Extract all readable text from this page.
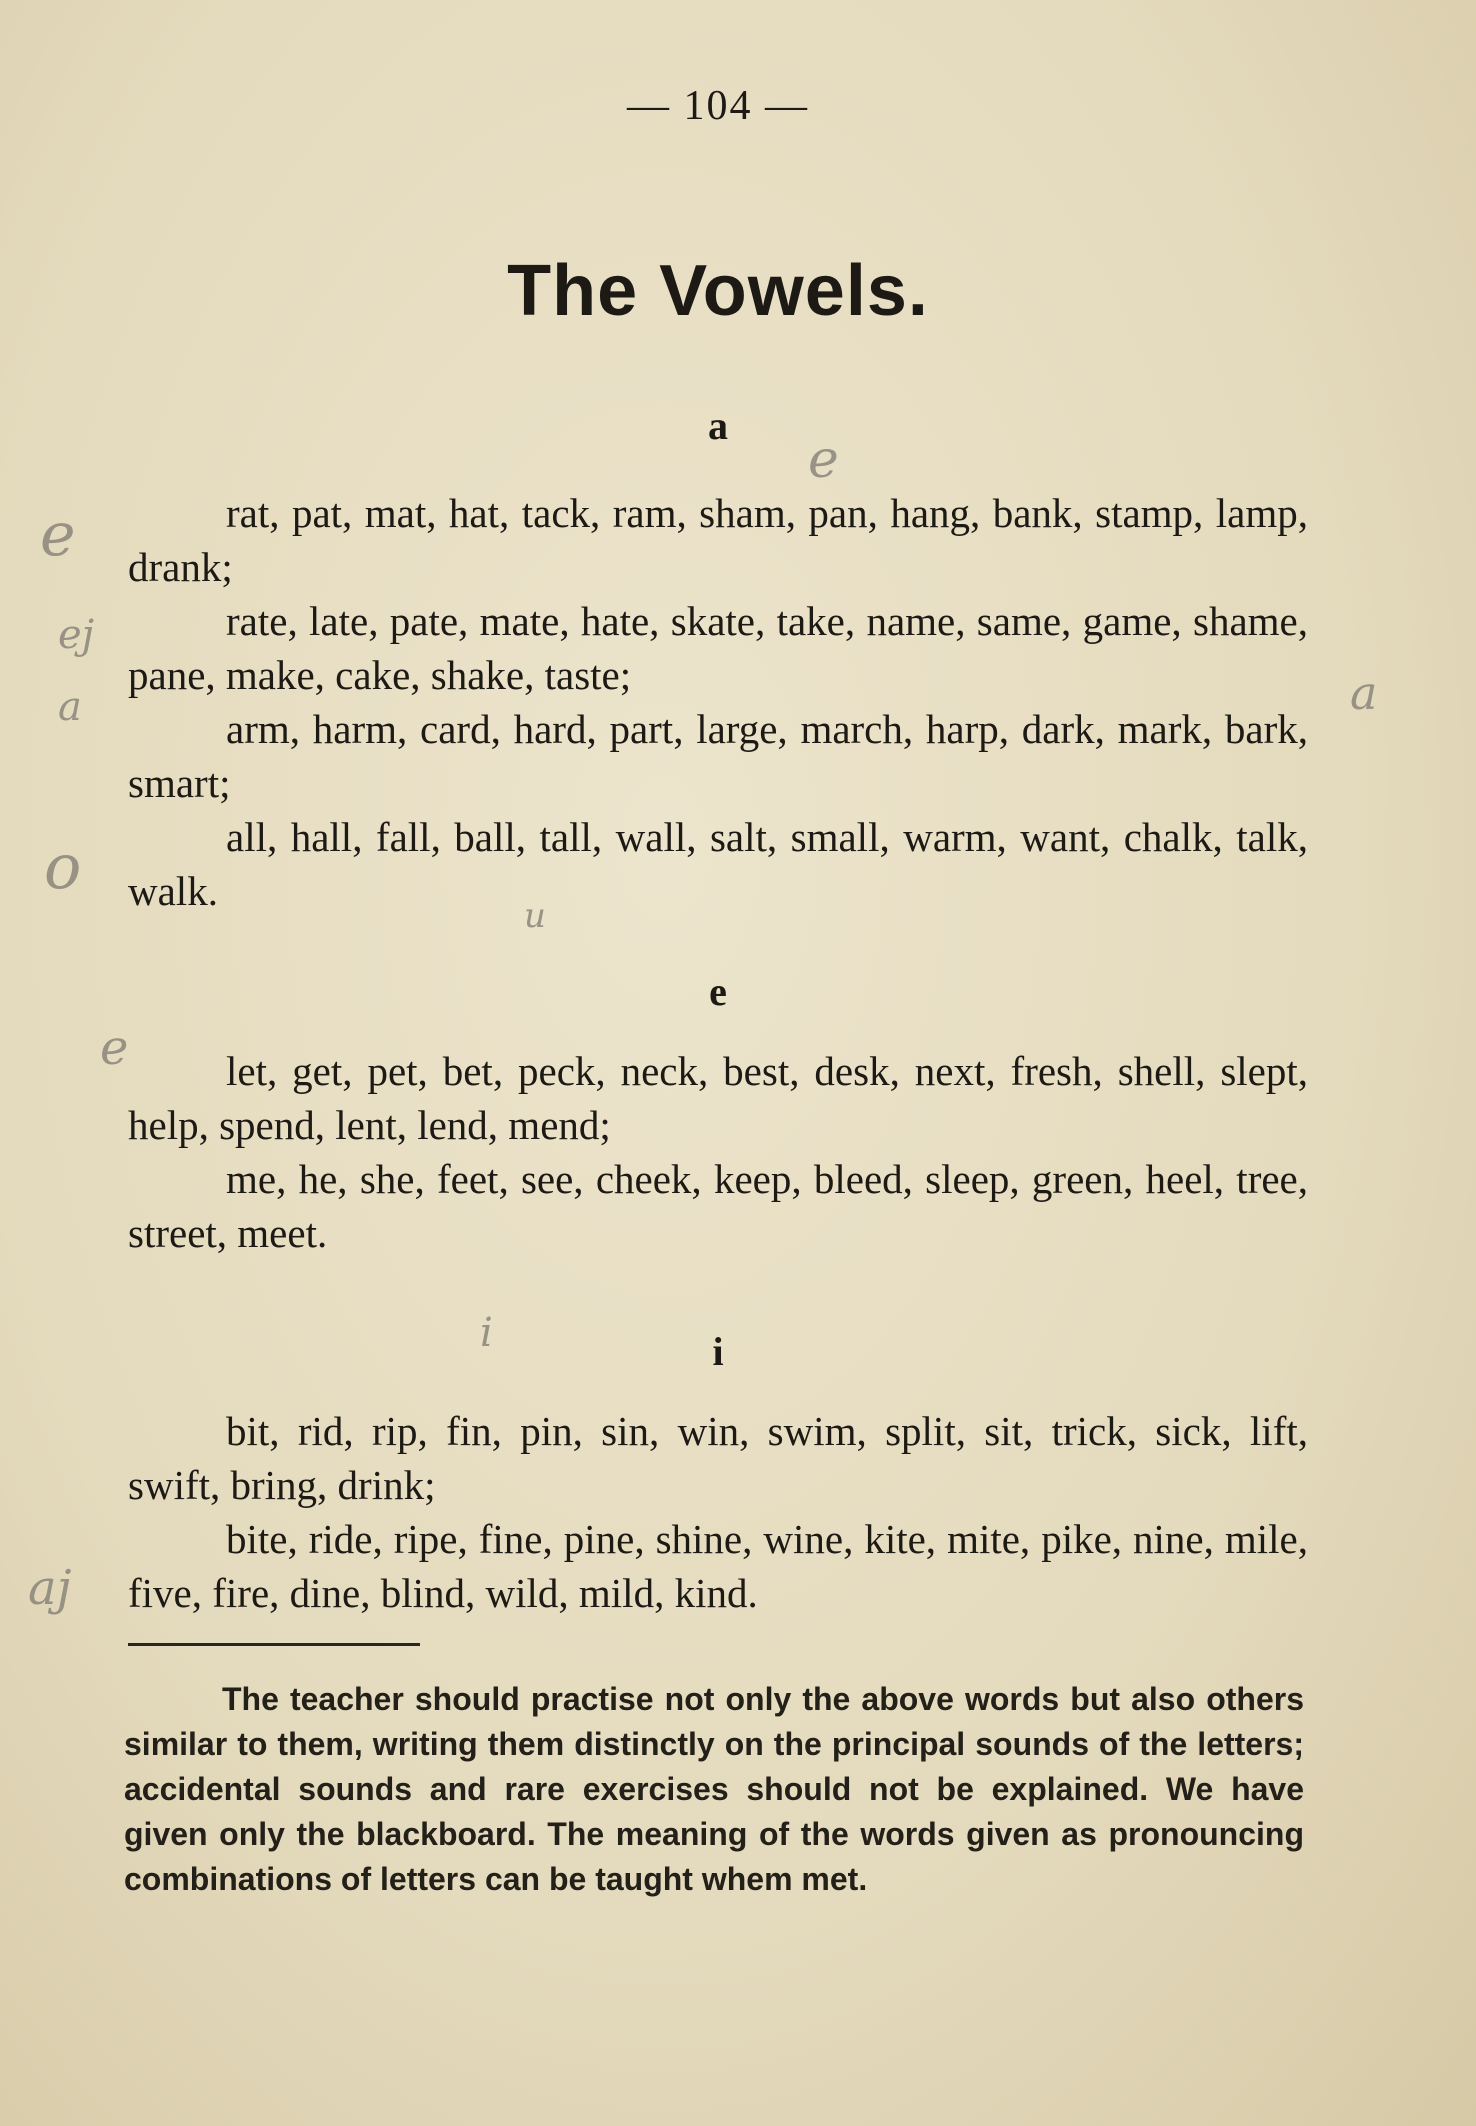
— 104 —
The Vowels.
a

rat, pat, mat, hat, tack, ram, sham, pan, hang, bank, stamp, lamp, drank;

rate, late, pate, mate, hate, skate, take, name, same, game, shame, pane, make, cake, shake, taste;

arm, harm, card, hard, part, large, march, harp, dark, mark, bark, smart;

all, hall, fall, ball, tall, wall, salt, small, warm, want, chalk, talk, walk.

e

let, get, pet, bet, peck, neck, best, desk, next, fresh, shell, slept, help, spend, lent, lend, mend;

me, he, she, feet, see, cheek, keep, bleed, sleep, green, heel, tree, street, meet.

i

bit, rid, rip, fin, pin, sin, win, swim, split, sit, trick, sick, lift, swift, bring, drink;

bite, ride, ripe, fine, pine, shine, wine, kite, mite, pike, nine, mile, five, fire, dine, blind, wild, mild, kind.

The teacher should practise not only the above words but also others similar to them, writing them distinctly on the principal sounds of the letters; accidental sounds and rare exercises should not be explained. We have given only the blackboard. The meaning of the words given as pronouncing combinations of letters can be taught whem met.

e
e
ej
a	a
o
u
e
i
aj
